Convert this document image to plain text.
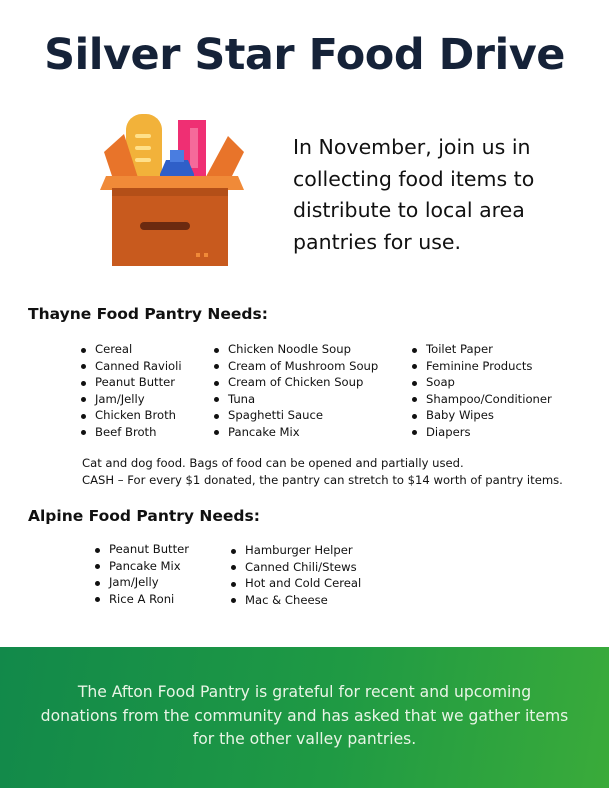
Silver Star Food Drive

In November, join us in collecting food items to distribute to local area pantries for use.

Thayne Food Pantry Needs:
Cereal
Canned Ravioli
Peanut Butter
Jam/Jelly
Chicken Broth
Beef Broth
Chicken Noodle Soup
Cream of Mushroom Soup
Cream of Chicken Soup
Tuna
Spaghetti Sauce
Pancake Mix
Toilet Paper
Feminine Products
Soap
Shampoo/Conditioner
Baby Wipes
Diapers
Cat and dog food. Bags of food can be opened and partially used.
CASH – For every $1 donated, the pantry can stretch to $14 worth of pantry items.
Alpine Food Pantry Needs:
Peanut Butter
Pancake Mix
Jam/Jelly
Rice A Roni
Hamburger Helper
Canned Chili/Stews
Hot and Cold Cereal
Mac & Cheese

The Afton Food Pantry is grateful for recent and upcoming donations from the community and has asked that we gather items for the other valley pantries.
